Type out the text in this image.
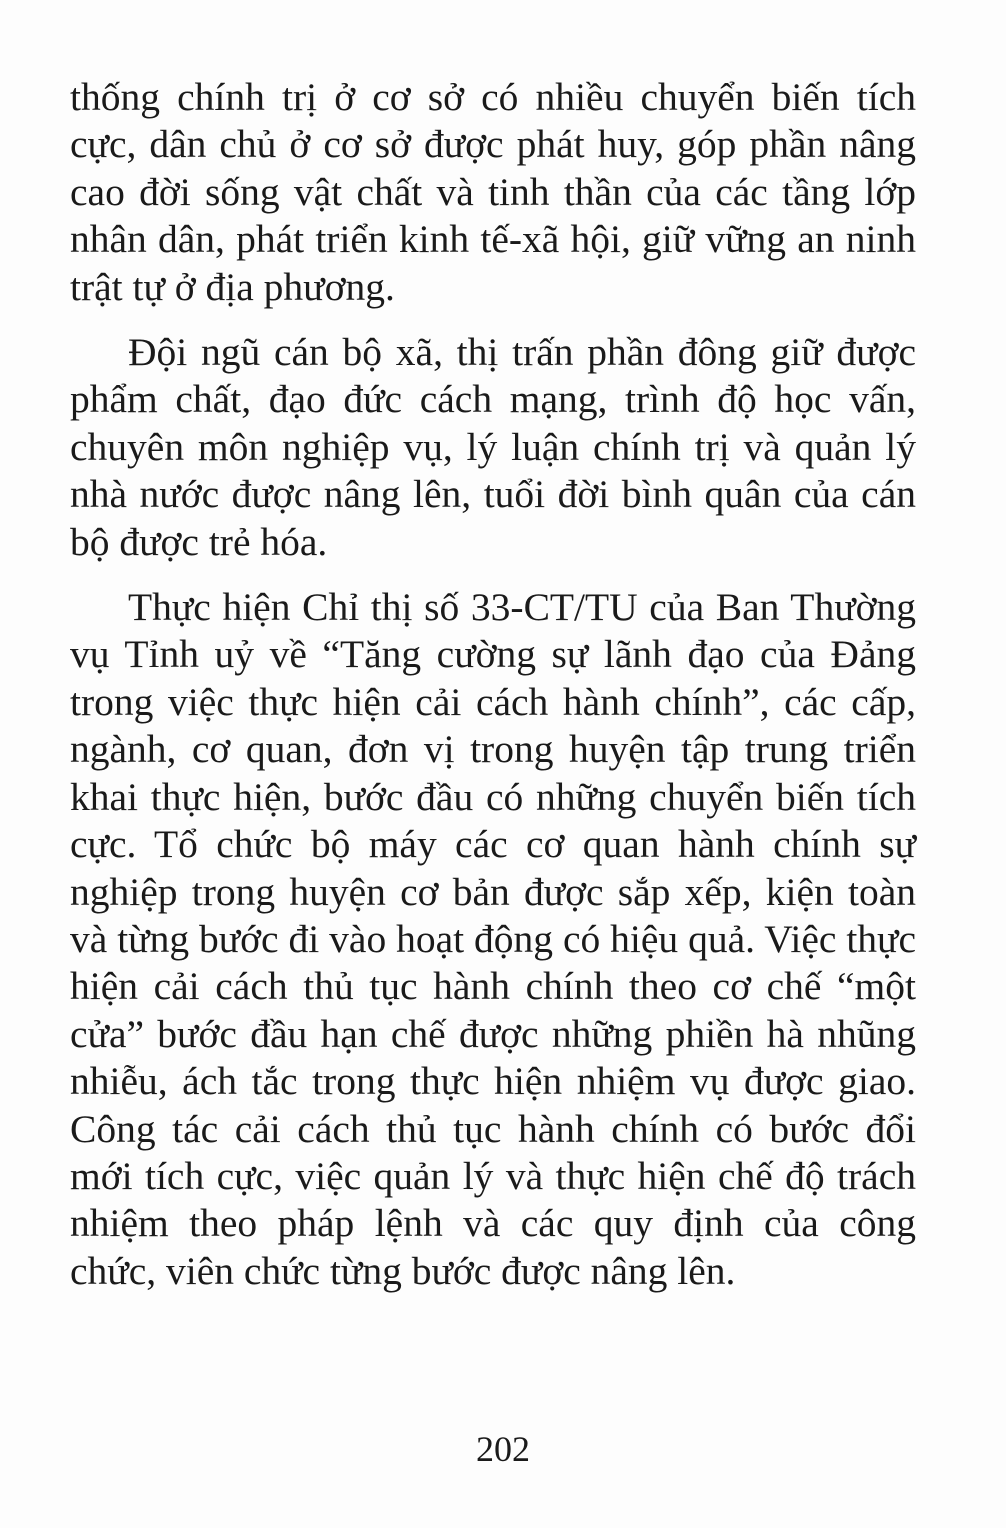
thống chính trị ở cơ sở có nhiều chuyển biến tích cực, dân chủ ở cơ sở được phát huy, góp phần nâng cao đời sống vật chất và tinh thần của các tầng lớp nhân dân, phát triển kinh tế-xã hội, giữ vững an ninh trật tự ở địa phương.

Đội ngũ cán bộ xã, thị trấn phần đông giữ được phẩm chất, đạo đức cách mạng, trình độ học vấn, chuyên môn nghiệp vụ, lý luận chính trị và quản lý nhà nước được nâng lên, tuổi đời bình quân của cán bộ được trẻ hóa.

Thực hiện Chỉ thị số 33-CT/TU của Ban Thường vụ Tỉnh uỷ về “Tăng cường sự lãnh đạo của Đảng trong việc thực hiện cải cách hành chính”, các cấp, ngành, cơ quan, đơn vị trong huyện tập trung triển khai thực hiện, bước đầu có những chuyển biến tích cực. Tổ chức bộ máy các cơ quan hành chính sự nghiệp trong huyện cơ bản được sắp xếp, kiện toàn và từng bước đi vào hoạt động có hiệu quả. Việc thực hiện cải cách thủ tục hành chính theo cơ chế “một cửa” bước đầu hạn chế được những phiền hà nhũng nhiễu, ách tắc trong thực hiện nhiệm vụ được giao. Công tác cải cách thủ tục hành chính có bước đổi mới tích cực, việc quản lý và thực hiện chế độ trách nhiệm theo pháp lệnh và các quy định của công chức, viên chức từng bước được nâng lên.

202
